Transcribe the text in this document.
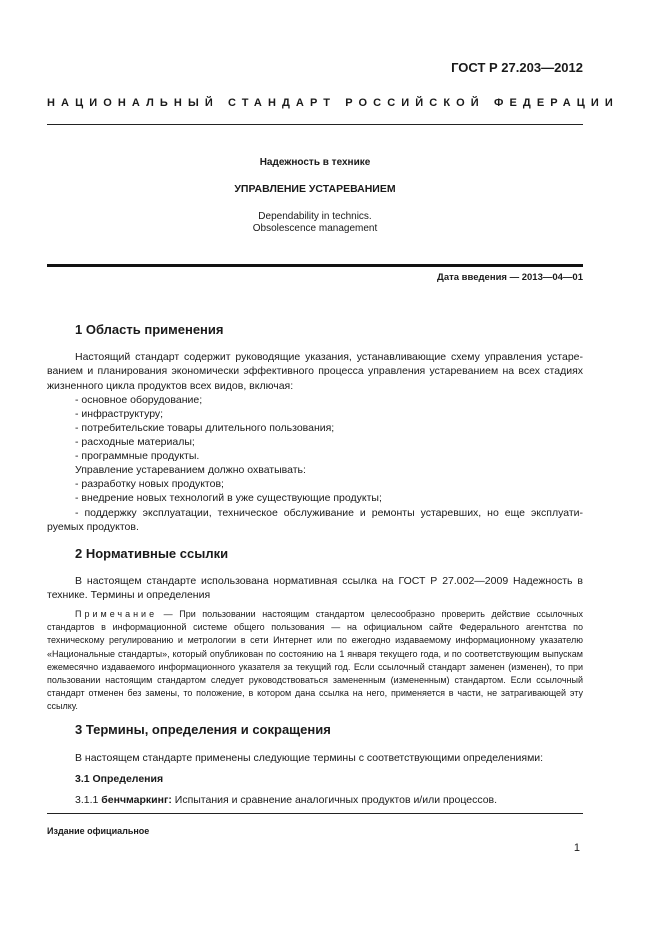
ГОСТ Р 27.203—2012
НАЦИОНАЛЬНЫЙ СТАНДАРТ РОССИЙСКОЙ ФЕДЕРАЦИИ
Надежность в технике
УПРАВЛЕНИЕ УСТАРЕВАНИЕМ
Dependability in technics.
Obsolescence management
Дата введения — 2013—04—01
1 Область применения

Настоящий стандарт содержит руководящие указания, устанавливающие схему управления устареванием и планирования экономически эффективного процесса управления устареванием на всех стадиях жизненного цикла продуктов всех видов, включая:

- основное оборудование;
- инфраструктуру;
- потребительские товары длительного пользования;
- расходные материалы;
- программные продукты.
Управление устареванием должно охватывать:
- разработку новых продуктов;
- внедрение новых технологий в уже существующие продукты;

- поддержку эксплуатации, техническое обслуживание и ремонты устаревших, но еще эксплуатируемых продуктов.

2 Нормативные ссылки

В настоящем стандарте использована нормативная ссылка на ГОСТ Р 27.002—2009 Надежность в технике. Термины и определения

Примечание — При пользовании настоящим стандартом целесообразно проверить действие ссылочных стандартов в информационной системе общего пользования — на официальном сайте Федерального агентства по техническому регулированию и метрологии в сети Интернет или по ежегодно издаваемому информационному указателю «Национальные стандарты», который опубликован по состоянию на 1 января текущего года, и по соответствующим выпускам ежемесячно издаваемого информационного указателя за текущий год. Если ссылочный стандарт заменен (изменен), то при пользовании настоящим стандартом следует руководствоваться замененным (измененным) стандартом. Если ссылочный стандарт отменен без замены, то положение, в котором дана ссылка на него, применяется в части, не затрагивающей эту ссылку.

3 Термины, определения и сокращения
В настоящем стандарте применены следующие термины с соответствующими определениями:
3.1 Определения
3.1.1 бенчмаркинг: Испытания и сравнение аналогичных продуктов и/или процессов.
Издание официальное
1
